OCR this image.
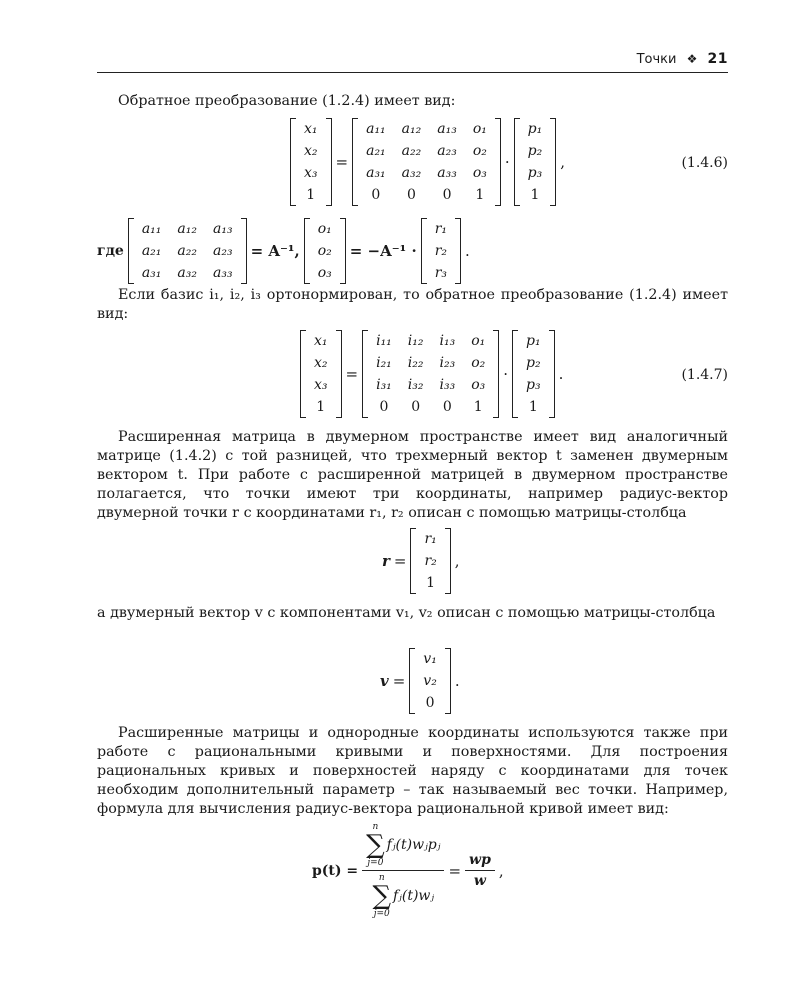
Точки ❖ 21
Обратное преобразование (1.2.4) имеет вид:
x₁
x₂
x₃
1
=
a₁₁	a₁₂	a₁₃	o₁
a₂₁	a₂₂	a₂₃	o₂
a₃₁	a₃₂	a₃₃	o₃
0	0	0	1
·
p₁
p₂
p₃
1
,	(1.4.6)
где
a₁₁	a₁₂	a₁₃
a₂₁	a₂₂	a₂₃
a₃₁	a₃₂	a₃₃
= A⁻¹,
o₁
o₂
o₃
= −A⁻¹ ·
r₁
r₂
r₃
.
Если базис i₁, i₂, i₃ ортонормирован, то обратное преобразование (1.2.4) имеет вид:
x₁
x₂
x₃
1
=
i₁₁	i₁₂	i₁₃	o₁
i₂₁	i₂₂	i₂₃	o₂
i₃₁	i₃₂	i₃₃	o₃
0	0	0	1
·
p₁
p₂
p₃
1
.	(1.4.7)
Расширенная матрица в двумерном пространстве имеет вид аналогичный матрице (1.4.2) с той разницей, что трехмерный вектор t заменен двумерным вектором t. При работе с расширенной матрицей в двумерном пространстве полагается, что точки имеют три координаты, например радиус-вектор двумерной точки r с координатами r₁, r₂ описан с помощью матрицы-столбца
r =
r₁
r₂
1
,
а двумерный вектор v с компонентами v₁, v₂ описан с помощью матрицы-столбца
v =
v₁
v₂
0
.
Расширенные матрицы и однородные координаты используются также при работе с рациональными кривыми и поверхностями. Для построения рациональных кривых и поверхностей наряду с координатами для точек необходим дополнительный параметр – так называемый вес точки. Например, формула для вычисления радиус-вектора рациональной кривой имеет вид:
p(t) = n
∑
j=0
fⱼ(t)wⱼpⱼ
n
∑
j=0
fⱼ(t)wⱼ = $\frac{wp}{w}$ ,
